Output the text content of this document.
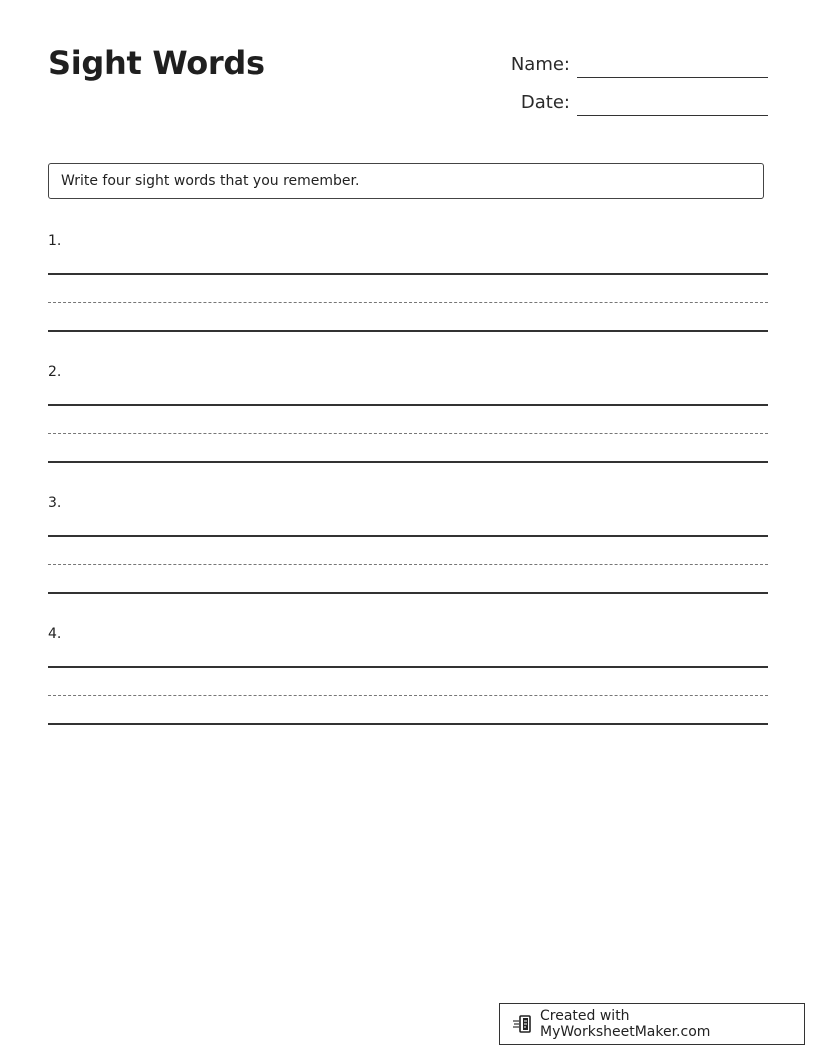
Sight Words	Name:
Date:
Write four sight words that you remember.
1.
2.
3.
4.
Created with MyWorksheetMaker.com
